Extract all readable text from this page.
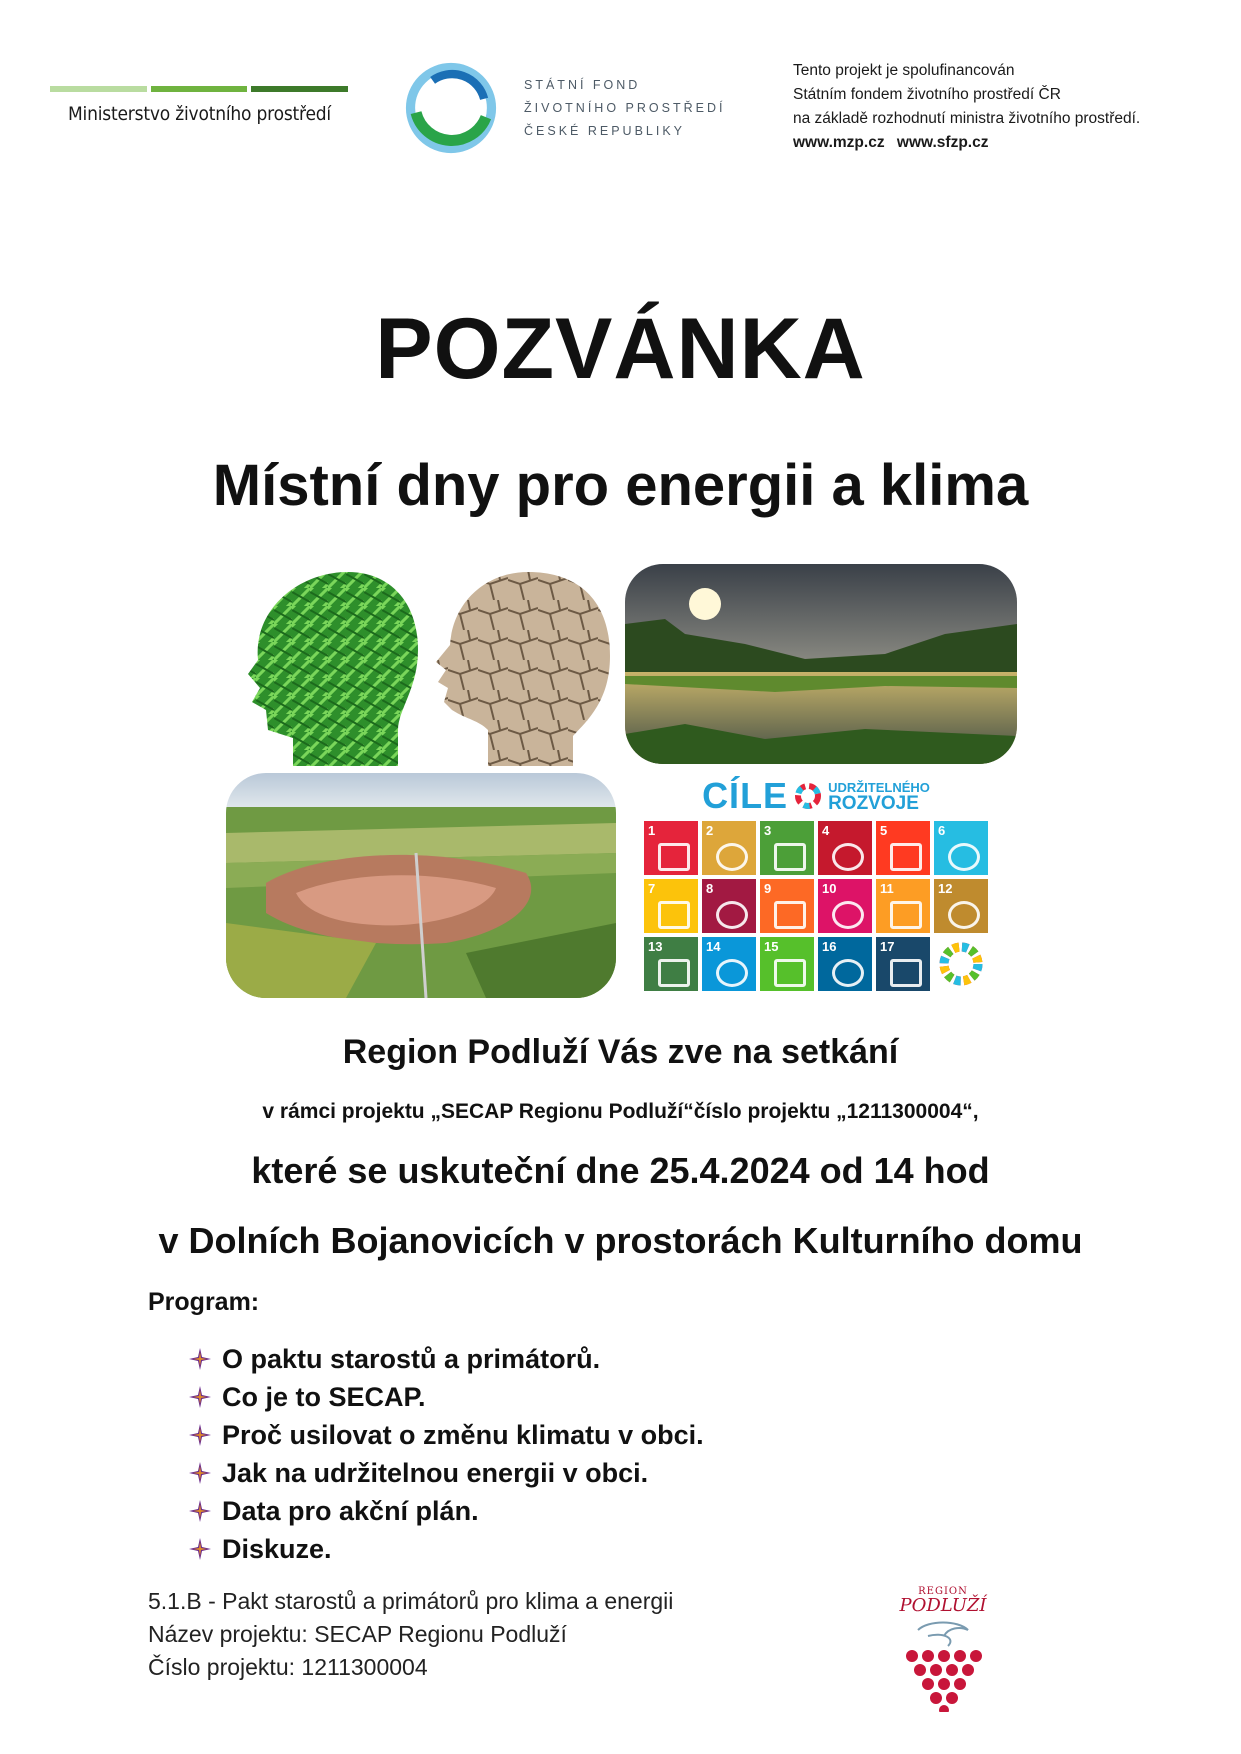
Ministerstvo životního prostředí
STÁTNÍ FOND
ŽIVOTNÍHO PROSTŘEDÍ
ČESKÉ REPUBLIKY
Tento projekt je spolufinancován
Státním fondem životního prostředí ČR
na základě rozhodnutí ministra životního prostředí.
www.mzp.cz www.sfzp.cz
POZVÁNKA
Místní dny pro energii a klima
CÍLE	UDRŽITELNÉHO
ROZVOJE
1	2	3	4	5	6
7	8	9	10	11	12
13	14	15	16	17
Region Podluží Vás zve na setkání
v rámci projektu „SECAP Regionu Podluží“číslo projektu „1211300004“,
které se uskuteční dne 25.4.2024 od 14 hod
v Dolních Bojanovicích v prostorách Kulturního domu
Program:
O paktu starostů a primátorů.
Co je to SECAP.
Proč usilovat o změnu klimatu v obci.
Jak na udržitelnou energii v obci.
Data pro akční plán.
Diskuze.
5.1.B - Pakt starostů a primátorů pro klima a energii
Název projektu: SECAP Regionu Podluží
Číslo projektu: 1211300004
REGION
PODLUŽÍ
